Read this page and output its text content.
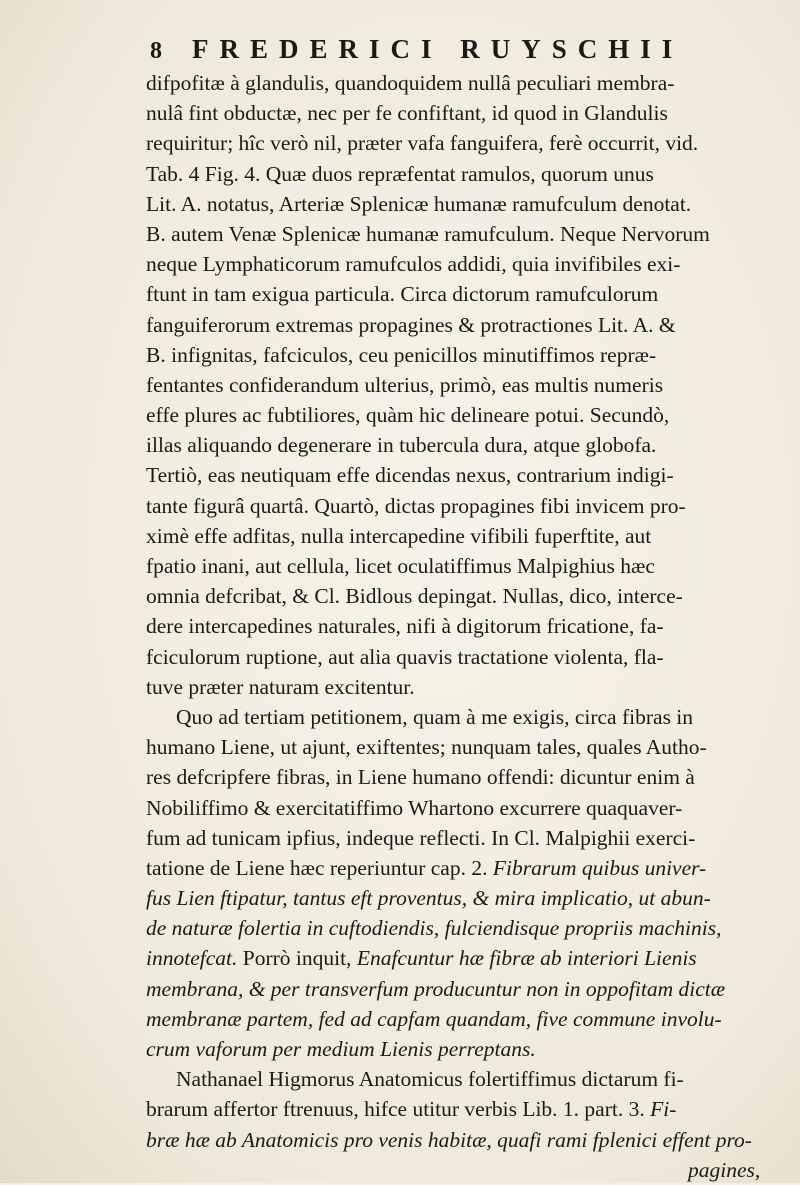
8 FREDERICI RUYSCHII
difpofitæ à glandulis, quandoquidem nullâ peculiari membra-
nulâ fint obductæ, nec per fe confiftant, id quod in Glandulis
requiritur; hîc verò nil, præter vafa fanguifera, ferè occurrit, vid.
Tab. 4 Fig. 4. Quæ duos repræfentat ramulos, quorum unus
Lit. A. notatus, Arteriæ Splenicæ humanæ ramufculum denotat.
B. autem Venæ Splenicæ humanæ ramufculum. Neque Nervorum
neque Lymphaticorum ramufculos addidi, quia invifibiles exi-
ftunt in tam exigua particula. Circa dictorum ramufculorum
fanguiferorum extremas propagines & protractiones Lit. A. &
B. infignitas, fafciculos, ceu penicillos minutiffimos repræ-
fentantes confiderandum ulterius, primò, eas multis numeris
effe plures ac fubtiliores, quàm hic delineare potui. Secundò,
illas aliquando degenerare in tubercula dura, atque globofa.
Tertiò, eas neutiquam effe dicendas nexus, contrarium indigi-
tante figurâ quartâ. Quartò, dictas propagines fibi invicem pro-
ximè effe adfitas, nulla intercapedine vifibili fuperftite, aut
fpatio inani, aut cellula, licet oculatiffimus Malpighius hæc
omnia defcribat, & Cl. Bidlous depingat. Nullas, dico, interce-
dere intercapedines naturales, nifi à digitorum fricatione, fa-
fciculorum ruptione, aut alia quavis tractatione violenta, fla-
tuve præter naturam excitentur.
Quo ad tertiam petitionem, quam à me exigis, circa fibras in
humano Liene, ut ajunt, exiftentes; nunquam tales, quales Autho-
res defcripfere fibras, in Liene humano offendi: dicuntur enim à
Nobiliffimo & exercitatiffimo Whartono excurrere quaquaver-
fum ad tunicam ipfius, indeque reflecti. In Cl. Malpighii exerci-
tatione de Liene hæc reperiuntur cap. 2. Fibrarum quibus univer-
fus Lien ftipatur, tantus eft proventus, & mira implicatio, ut abun-
de naturæ folertia in cuftodiendis, fulciendisque propriis machinis,
innotefcat. Porrò inquit, Enafcuntur hæ fibræ ab interiori Lienis
membrana, & per transverfum producuntur non in oppofitam dictæ
membranæ partem, fed ad capfam quandam, five commune involu-
crum vaforum per medium Lienis perreptans.
Nathanael Higmorus Anatomicus folertiffimus dictarum fi-
brarum affertor ftrenuus, hifce utitur verbis Lib. 1. part. 3. Fi-
bræ hæ ab Anatomicis pro venis habitæ, quafi rami fplenici effent pro-
pagines,
